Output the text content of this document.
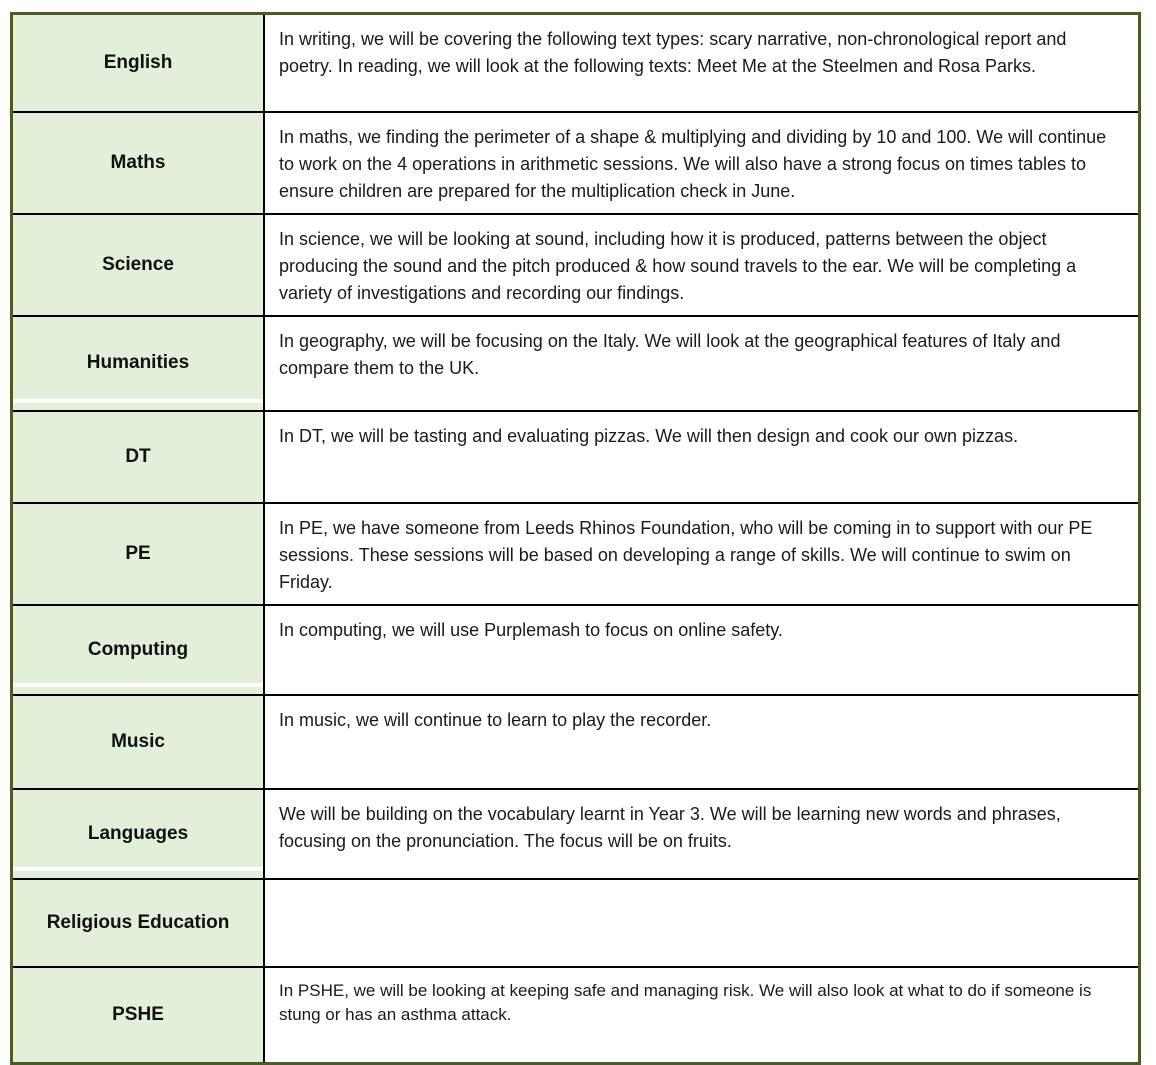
English	In writing, we will be covering the following text types: scary narrative, non-chronological report and poetry. In reading, we will look at the following texts: Meet Me at the Steelmen and Rosa Parks.
Maths	In maths, we finding the perimeter of a shape & multiplying and dividing by 10 and 100. We will continue to work on the 4 operations in arithmetic sessions. We will also have a strong focus on times tables to ensure children are prepared for the multiplication check in June.
Science	In science, we will be looking at sound, including how it is produced, patterns between the object producing the sound and the pitch produced & how sound travels to the ear. We will be completing a variety of investigations and recording our findings.
Humanities	In geography, we will be focusing on the Italy. We will look at the geographical features of Italy and compare them to the UK.
DT	In DT, we will be tasting and evaluating pizzas. We will then design and cook our own pizzas.
PE	In PE, we have someone from Leeds Rhinos Foundation, who will be coming in to support with our PE sessions. These sessions will be based on developing a range of skills. We will continue to swim on Friday.
Computing	In computing, we will use Purplemash to focus on online safety.
Music	In music, we will continue to learn to play the recorder.
Languages	We will be building on the vocabulary learnt in Year 3. We will be learning new words and phrases, focusing on the pronunciation. The focus will be on fruits.
Religious Education	
PSHE	In PSHE, we will be looking at keeping safe and managing risk. We will also look at what to do if someone is stung or has an asthma attack.
